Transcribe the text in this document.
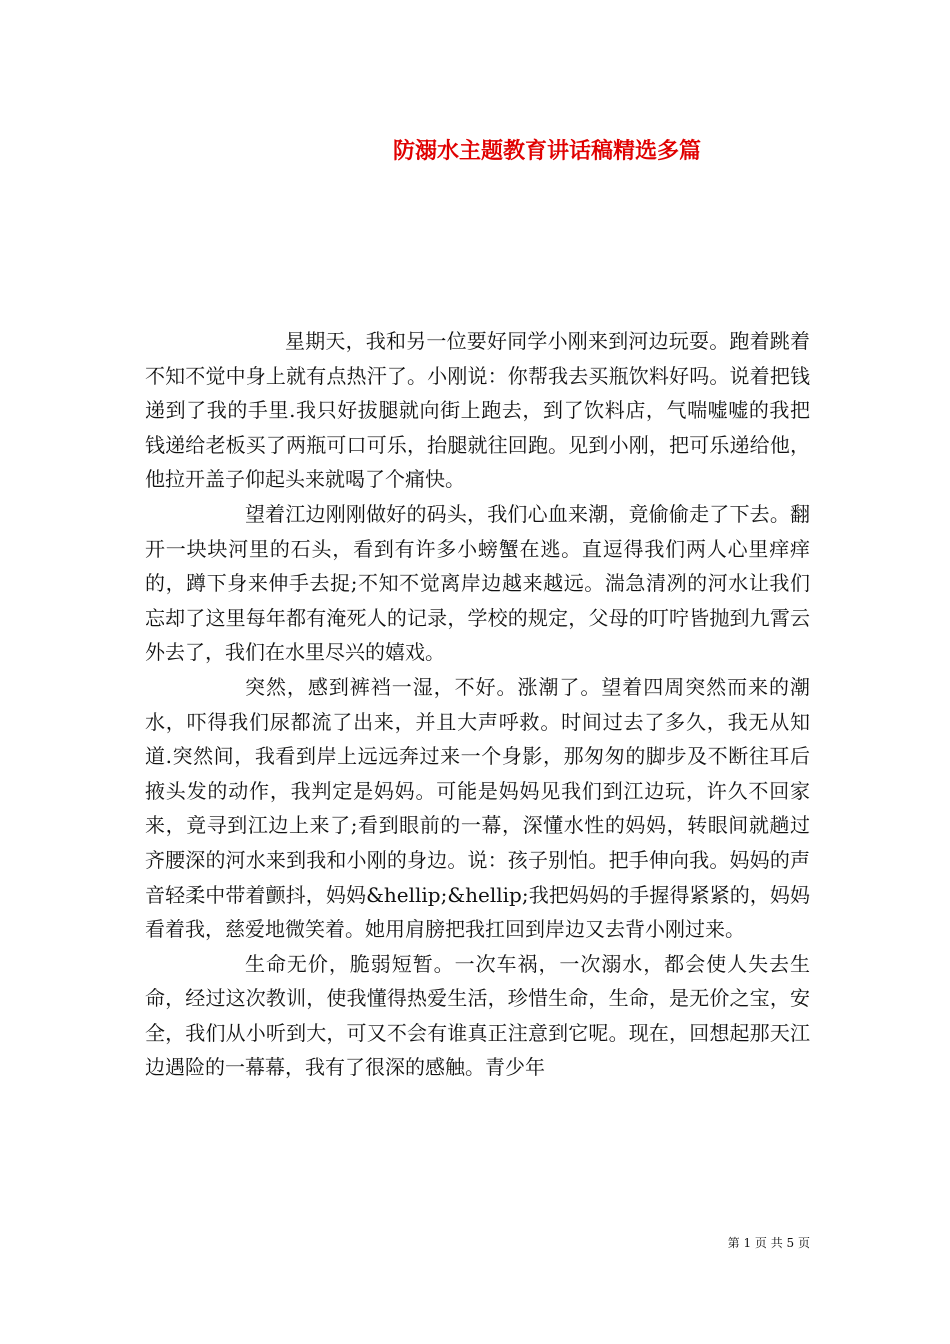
防溺水主题教育讲话稿精选多篇

星期天，我和另一位要好同学小刚来到河边玩耍。跑着跳着不知不觉中身上就有点热汗了。小刚说：你帮我去买瓶饮料好吗。说着把钱递到了我的手里.我只好拔腿就向街上跑去，到了饮料店，气喘嘘嘘的我把钱递给老板买了两瓶可口可乐，抬腿就往回跑。见到小刚，把可乐递给他，他拉开盖子仰起头来就喝了个痛快。

望着江边刚刚做好的码头，我们心血来潮，竟偷偷走了下去。翻开一块块河里的石头，看到有许多小螃蟹在逃。直逗得我们两人心里痒痒的，蹲下身来伸手去捉;不知不觉离岸边越来越远。湍急清冽的河水让我们忘却了这里每年都有淹死人的记录，学校的规定，父母的叮咛皆抛到九霄云外去了，我们在水里尽兴的嬉戏。

突然，感到裤裆一湿，不好。涨潮了。望着四周突然而来的潮水，吓得我们尿都流了出来，并且大声呼救。时间过去了多久，我无从知道.突然间，我看到岸上远远奔过来一个身影，那匆匆的脚步及不断往耳后掖头发的动作，我判定是妈妈。可能是妈妈见我们到江边玩，许久不回家来，竟寻到江边上来了;看到眼前的一幕，深懂水性的妈妈，转眼间就趟过齐腰深的河水来到我和小刚的身边。说：孩子别怕。把手伸向我。妈妈的声音轻柔中带着颤抖，妈妈&hellip;&hellip;我把妈妈的手握得紧紧的，妈妈看着我，慈爱地微笑着。她用肩膀把我扛回到岸边又去背小刚过来。

生命无价，脆弱短暂。一次车祸，一次溺水，都会使人失去生命，经过这次教训，使我懂得热爱生活，珍惜生命，生命，是无价之宝，安全，我们从小听到大，可又不会有谁真正注意到它呢。现在，回想起那天江边遇险的一幕幕，我有了很深的感触。青少年

第 1 页 共 5 页
